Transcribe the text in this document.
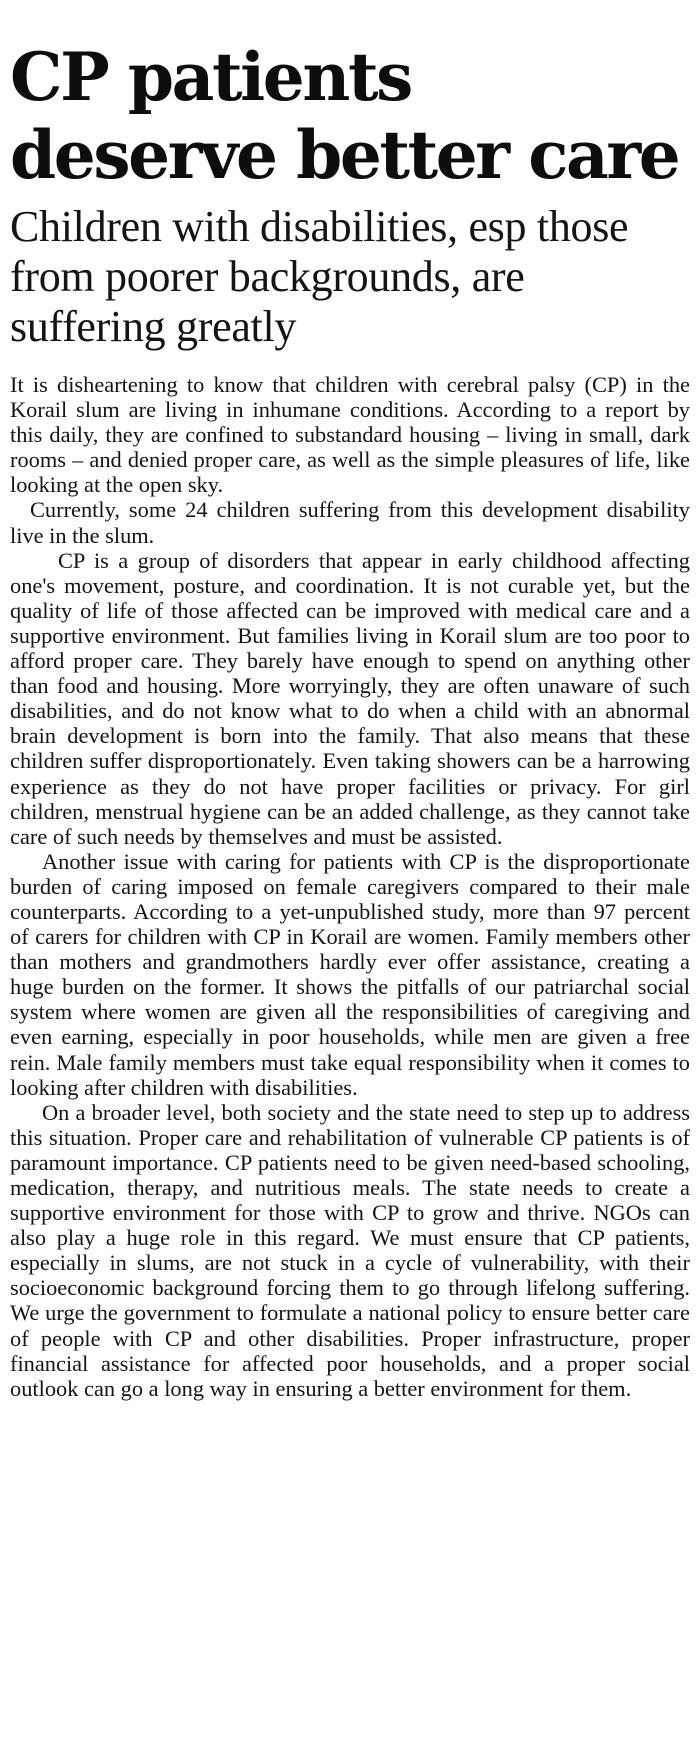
CP patients deserve better care
Children with disabilities, esp those from poorer backgrounds, are suffering greatly

It is disheartening to know that children with cerebral palsy (CP) in the Korail slum are living in inhumane conditions. According to a report by this daily, they are confined to substandard housing – living in small, dark rooms – and denied proper care, as well as the simple pleasures of life, like looking at the open sky.

Currently, some 24 children suffering from this development disability live in the slum.

CP is a group of disorders that appear in early childhood affecting one's movement, posture, and coordination. It is not curable yet, but the quality of life of those affected can be improved with medical care and a supportive environment. But families living in Korail slum are too poor to afford proper care. They barely have enough to spend on anything other than food and housing. More worryingly, they are often unaware of such disabilities, and do not know what to do when a child with an abnormal brain development is born into the family. That also means that these children suffer disproportionately. Even taking showers can be a harrowing experience as they do not have proper facilities or privacy. For girl children, menstrual hygiene can be an added challenge, as they cannot take care of such needs by themselves and must be assisted.

Another issue with caring for patients with CP is the disproportionate burden of caring imposed on female caregivers compared to their male counterparts. According to a yet-unpublished study, more than 97 percent of carers for children with CP in Korail are women. Family members other than mothers and grandmothers hardly ever offer assistance, creating a huge burden on the former. It shows the pitfalls of our patriarchal social system where women are given all the responsibilities of caregiving and even earning, especially in poor households, while men are given a free rein. Male family members must take equal responsibility when it comes to looking after children with disabilities.

On a broader level, both society and the state need to step up to address this situation. Proper care and rehabilitation of vulnerable CP patients is of paramount importance. CP patients need to be given need-based schooling, medication, therapy, and nutritious meals. The state needs to create a supportive environment for those with CP to grow and thrive. NGOs can also play a huge role in this regard. We must ensure that CP patients, especially in slums, are not stuck in a cycle of vulnerability, with their socioeconomic background forcing them to go through lifelong suffering. We urge the government to formulate a national policy to ensure better care of people with CP and other disabilities. Proper infrastructure, proper financial assistance for affected poor households, and a proper social outlook can go a long way in ensuring a better environment for them.
